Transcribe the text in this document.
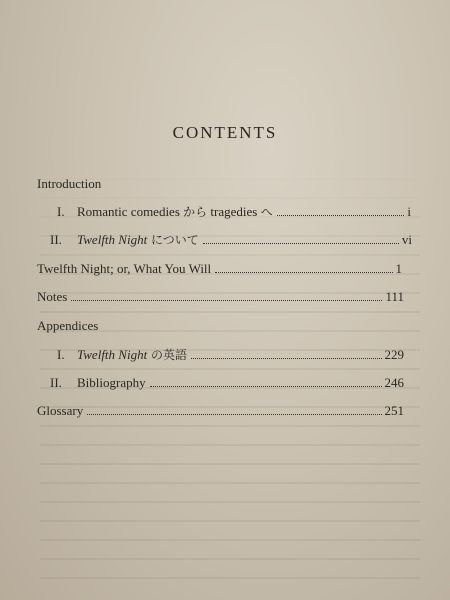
CONTENTS
Introduction
I. Romantic comedies から tragedies へ	i
II. Twelfth Night について	vi
Twelfth Night; or, What You Will	1
Notes	111
Appendices
I. Twelfth Night の英語	229
II. Bibliography	246
Glossary	251
